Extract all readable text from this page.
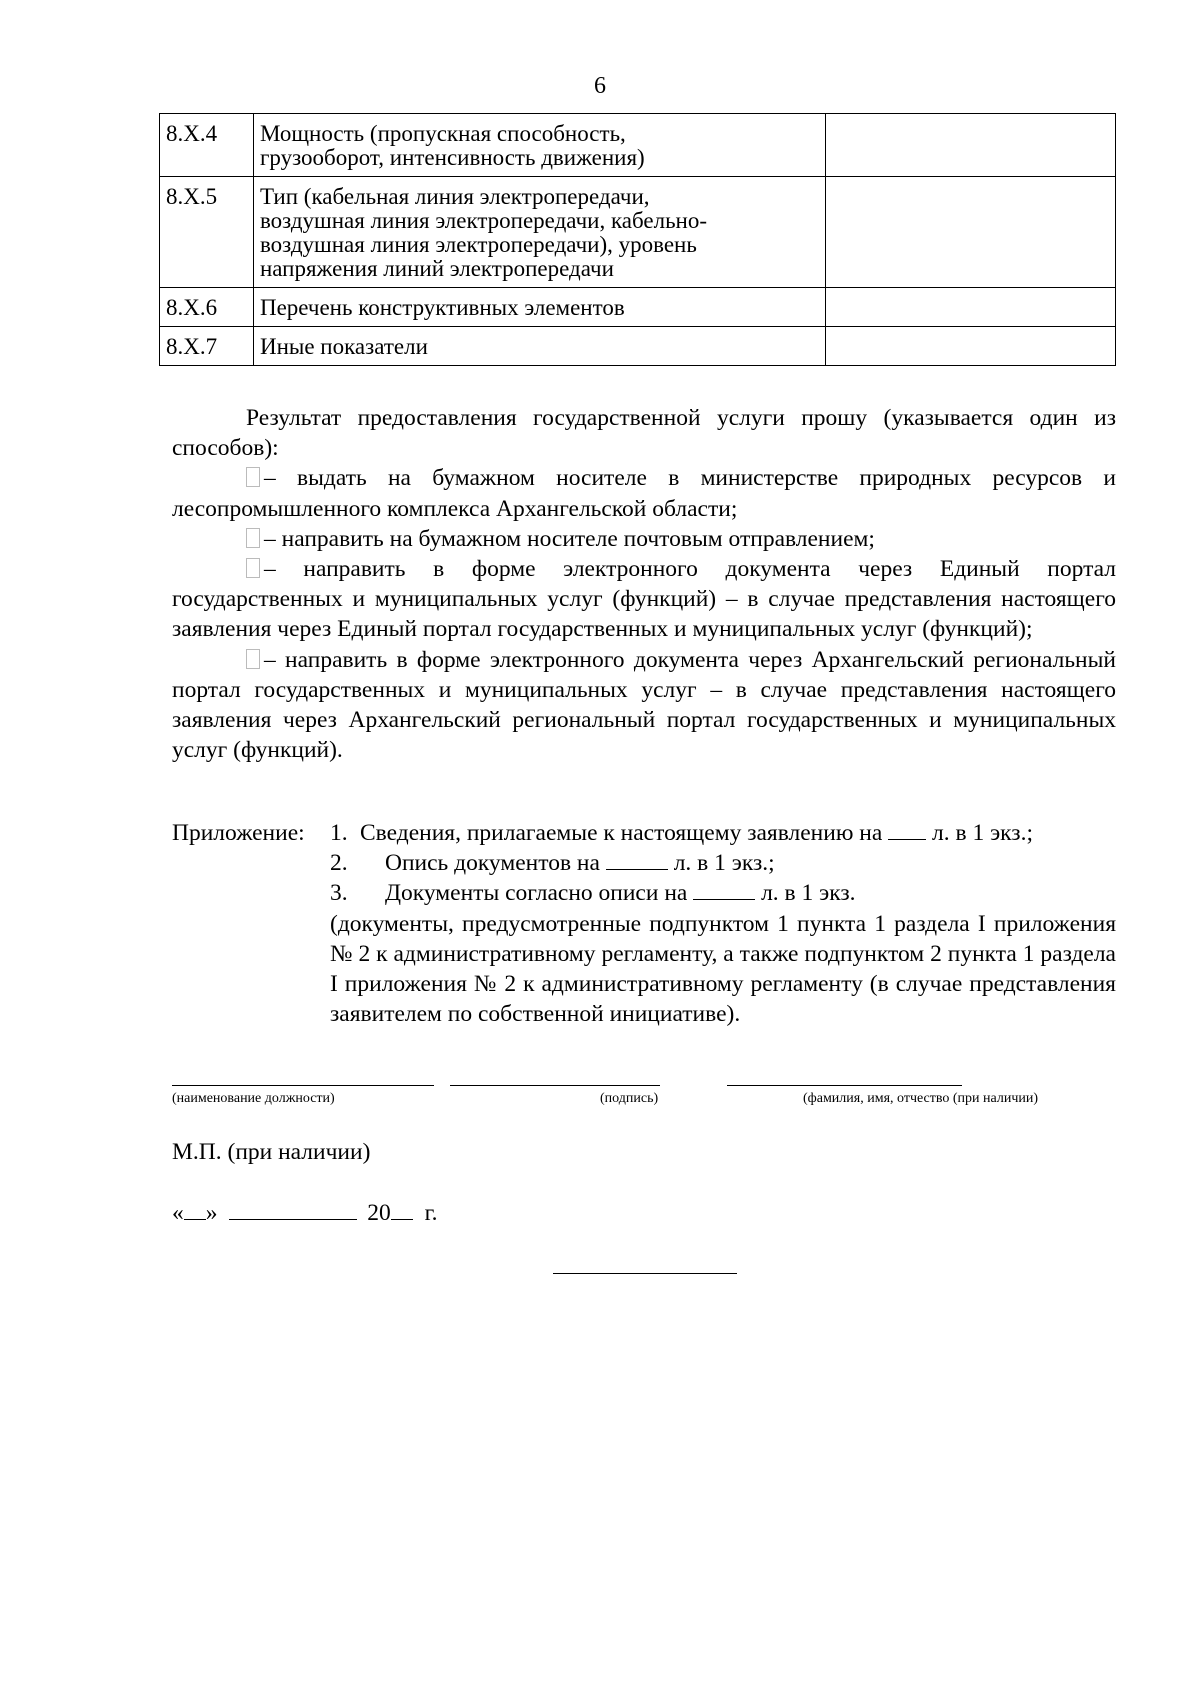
6
8.Х.4	Мощность (пропускная способность,
грузооборот, интенсивность движения)	

8.Х.5	Тип (кабельная линия электропередачи,
воздушная линия электропередачи, кабельно-
воздушная линия электропередачи), уровень
напряжения линий электропередачи	

8.Х.6	Перечень конструктивных элементов	

8.Х.7	Иные показатели	

Результат предоставления государственной услуги прошу (указывается один из способов):

– выдать на бумажном носителе в министерстве природных ресурсов и лесопромышленного комплекса Архангельской области;

– направить на бумажном носителе почтовым отправлением;

– направить в форме электронного документа через Единый портал государственных и муниципальных услуг (функций) – в случае представления настоящего заявления через Единый портал государственных и муниципальных услуг (функций);

– направить в форме электронного документа через Архангельский региональный портал государственных и муниципальных услуг – в случае представления настоящего заявления через Архангельский региональный портал государственных и муниципальных услуг (функций).

Приложение: 1. Сведения, прилагаемые к настоящему заявлению на л. в 1 экз.;
2. Опись документов на	л. в 1 экз.;
3. Документы согласно описи на	л. в 1 экз.
(документы, предусмотренные подпунктом 1 пункта 1 раздела I приложения № 2 к административному регламенту, а также подпунктом 2 пункта 1 раздела I приложения № 2 к административному регламенту (в случае представления заявителем по собственной инициативе).
(наименование должности)	(подпись)	(фамилия, имя, отчество (при наличии)
М.П. (при наличии)
« »	20 г.
